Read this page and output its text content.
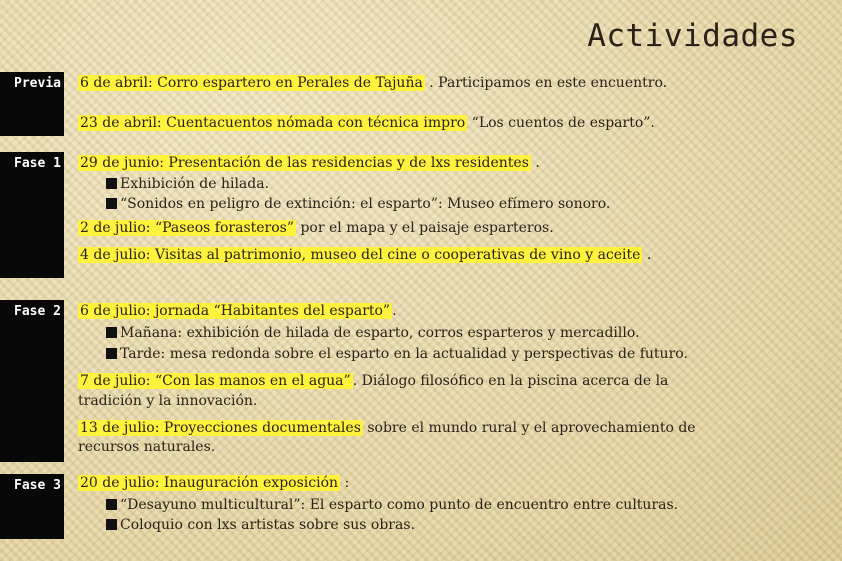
Actividades
Previa
Fase 1
Fase 2
Fase 3
6 de abril: Corro espartero en Perales de Tajuña . Participamos en este encuentro.
23 de abril: Cuentacuentos nómada con técnica impro “Los cuentos de esparto”.
29 de junio: Presentación de las residencias y de lxs residentes .
Exhibición de hilada.
“Sonidos en peligro de extinción: el esparto”: Museo efímero sonoro.
2 de julio: “Paseos forasteros” por el mapa y el paisaje esparteros.
4 de julio: Visitas al patrimonio, museo del cine o cooperativas de vino y aceite .
6 de julio: jornada “Habitantes del esparto” .
Mañana: exhibición de hilada de esparto, corros esparteros y mercadillo.
Tarde: mesa redonda sobre el esparto en la actualidad y perspectivas de futuro.
7 de julio: “Con las manos en el agua” . Diálogo filosófico en la piscina acerca de la
tradición y la innovación.
13 de julio: Proyecciones documentales sobre el mundo rural y el aprovechamiento de
recursos naturales.
20 de julio: Inauguración exposición :
“Desayuno multicultural”: El esparto como punto de encuentro entre culturas.
Coloquio con lxs artistas sobre sus obras.
